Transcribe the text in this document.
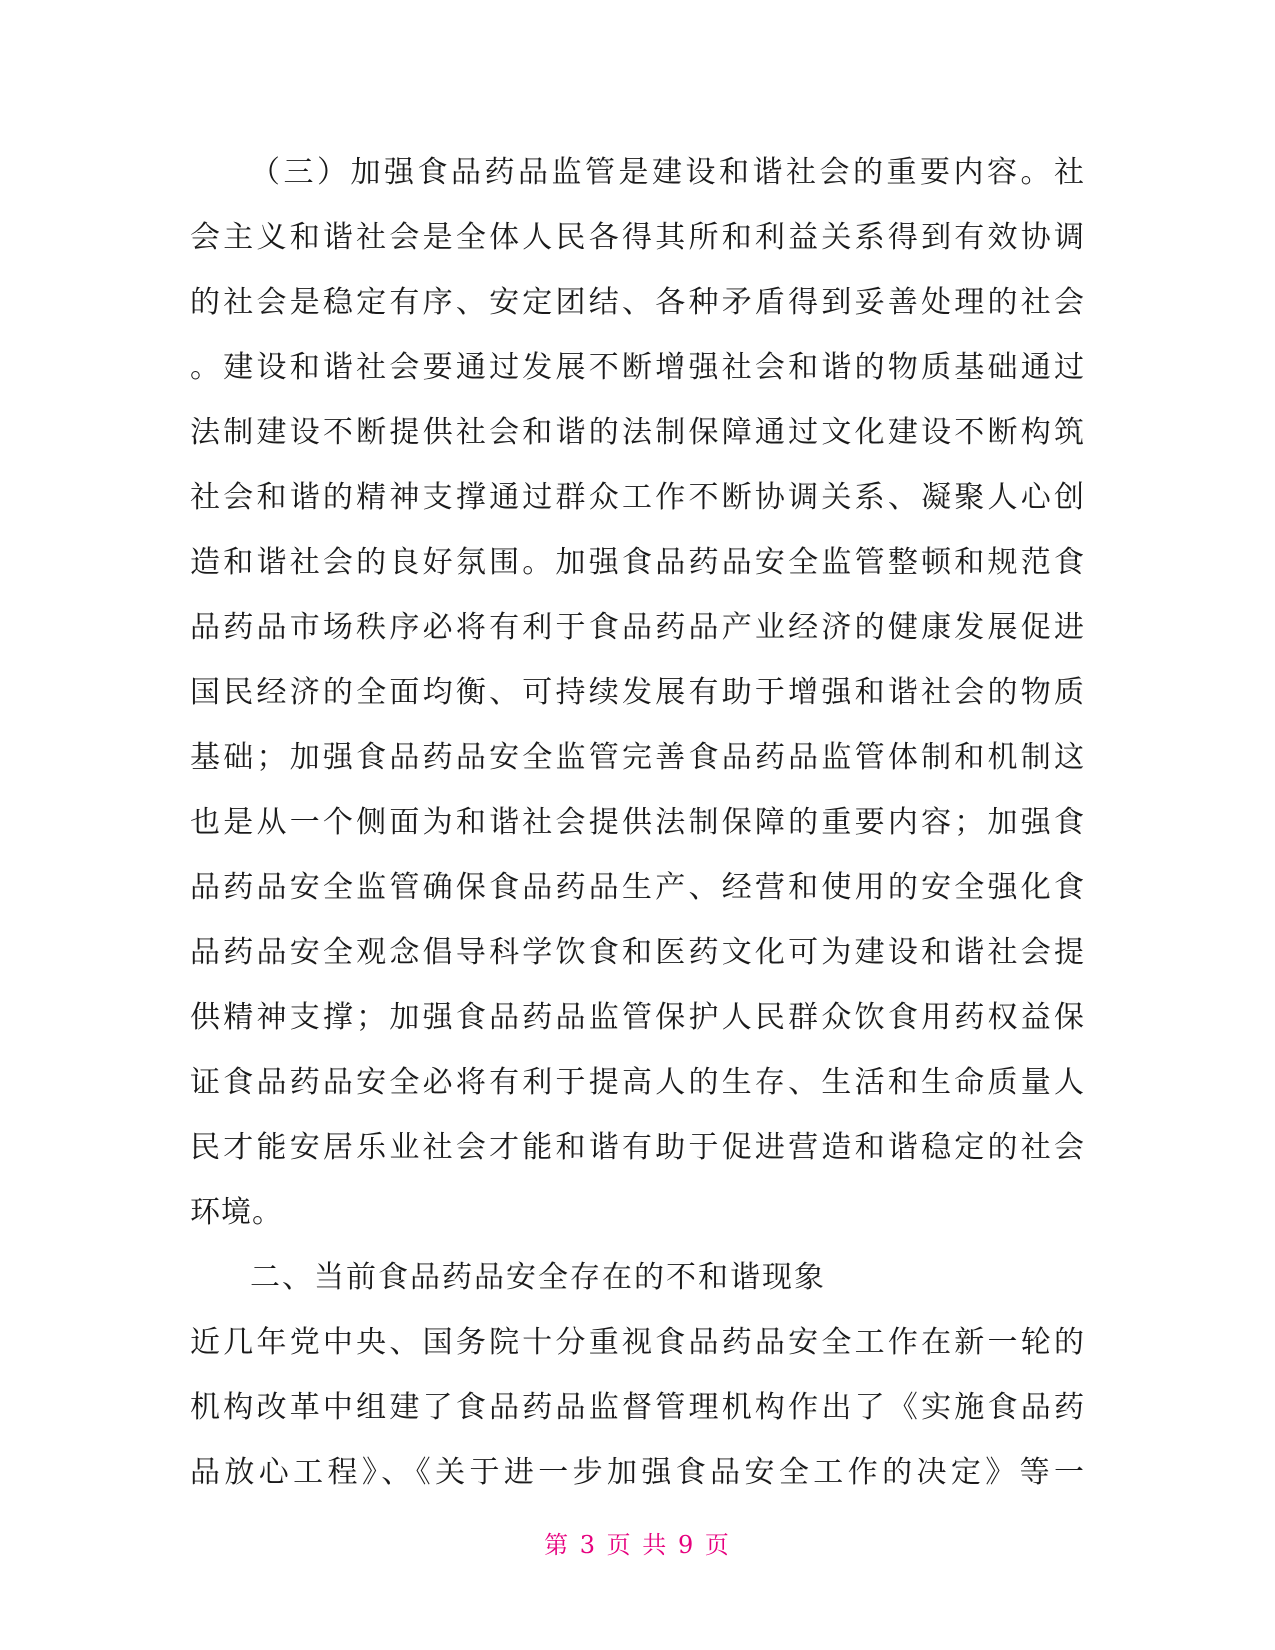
（三）加强食品药品监管是建设和谐社会的重要内容。社
会主义和谐社会是全体人民各得其所和利益关系得到有效协调
的社会是稳定有序、安定团结、各种矛盾得到妥善处理的社会
。建设和谐社会要通过发展不断增强社会和谐的物质基础通过
法制建设不断提供社会和谐的法制保障通过文化建设不断构筑
社会和谐的精神支撑通过群众工作不断协调关系、凝聚人心创
造和谐社会的良好氛围。加强食品药品安全监管整顿和规范食
品药品市场秩序必将有利于食品药品产业经济的健康发展促进
国民经济的全面均衡、可持续发展有助于增强和谐社会的物质
基础；加强食品药品安全监管完善食品药品监管体制和机制这
也是从一个侧面为和谐社会提供法制保障的重要内容；加强食
品药品安全监管确保食品药品生产、经营和使用的安全强化食
品药品安全观念倡导科学饮食和医药文化可为建设和谐社会提
供精神支撑；加强食品药品监管保护人民群众饮食用药权益保
证食品药品安全必将有利于提高人的生存、生活和生命质量人
民才能安居乐业社会才能和谐有助于促进营造和谐稳定的社会
环境。
二、当前食品药品安全存在的不和谐现象
近几年党中央、国务院十分重视食品药品安全工作在新一轮的
机构改革中组建了食品药品监督管理机构作出了《实施食品药
品放心工程》、《关于进一步加强食品安全工作的决定》等一
第 3 页 共 9 页
